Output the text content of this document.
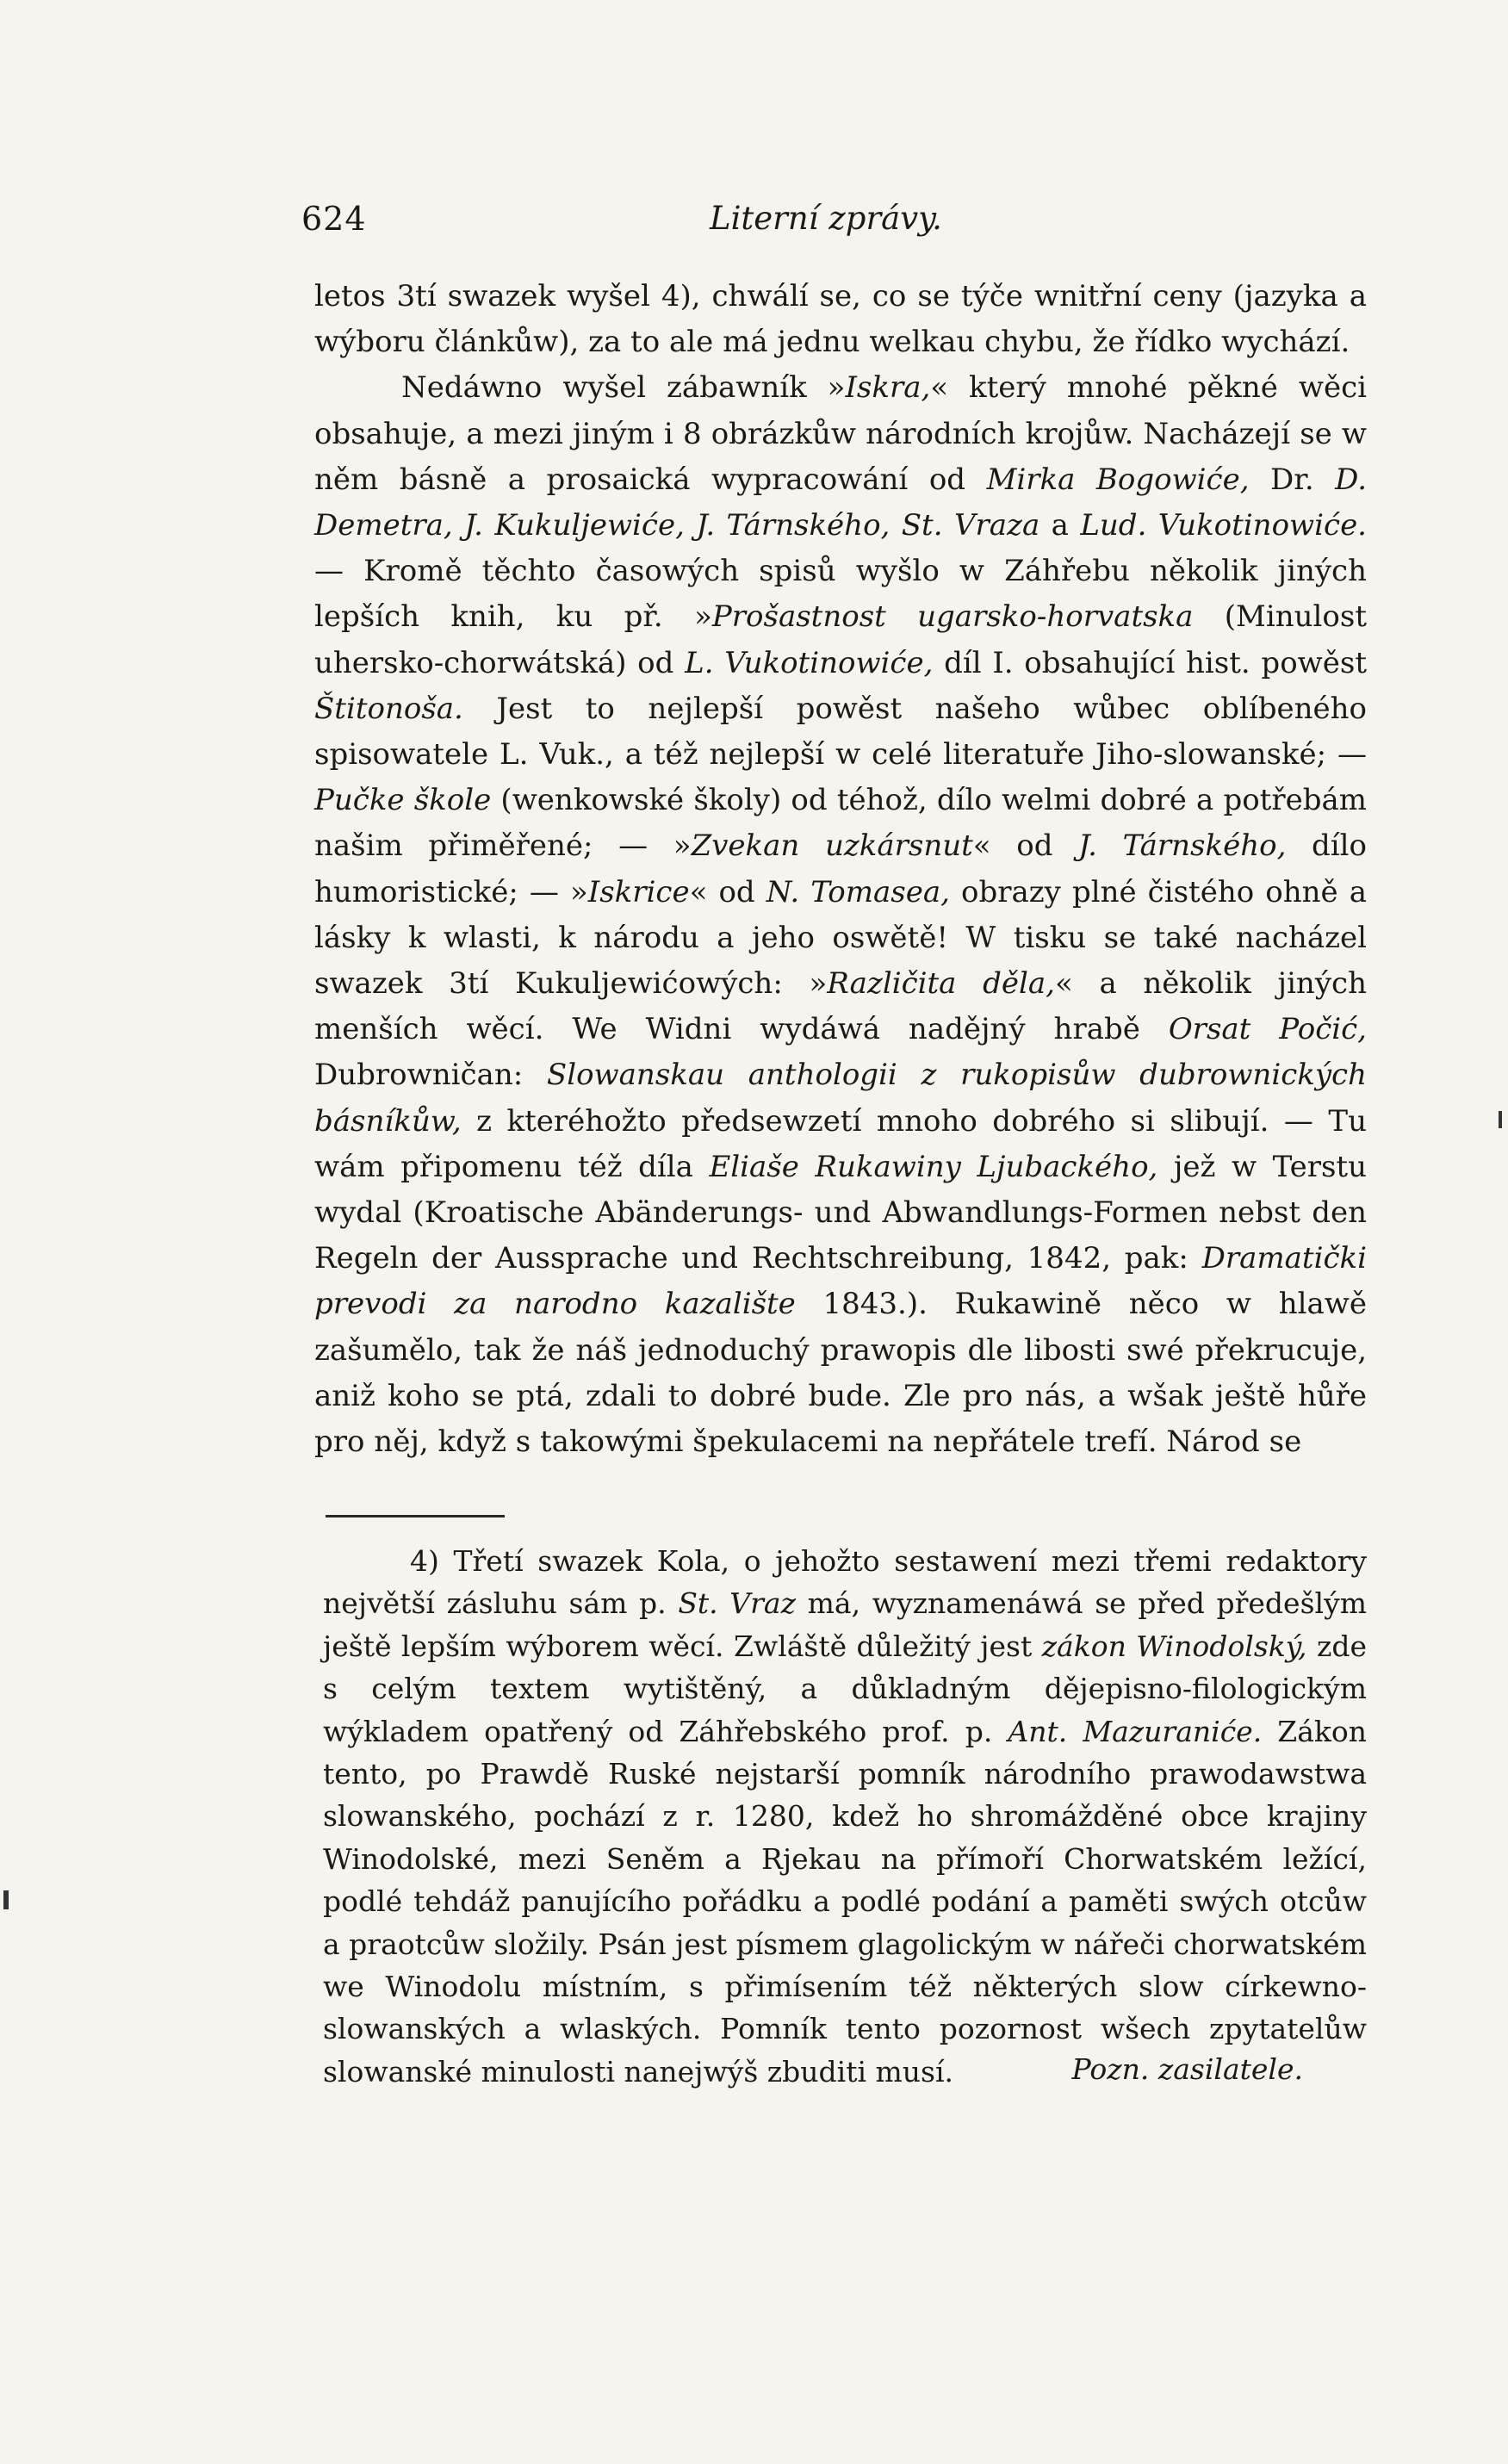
624	Literní zprávy.

letos 3tí swazek wyšel 4), chwálí se, co se týče wnitřní ceny (jazyka a wýboru článkůw), za to ale má jednu welkau chybu, že řídko wychází.

Nedáwno wyšel zábawník »Iskra,« který mnohé pěkné wěci obsahuje, a mezi jiným i 8 obrázkůw národních krojůw. Nacházejí se w něm básně a prosaická wypracowání od Mirka Bogowiće, Dr. D. Demetra, J. Kukuljewiće, J. Tárnského, St. Vraza a Lud. Vukotinowiće. — Kromě těchto časowých spisů wyšlo w Záhřebu několik jiných lepších knih, ku př. »Prošastnost ugarsko-horvatska (Minulost uhersko-chorwátská) od L. Vukotinowiće, díl I. obsahující hist. powěst Štitonoša. Jest to nejlepší powěst našeho wůbec oblíbeného spisowatele L. Vuk., a též nejlepší w celé literatuře Jiho-slowanské; — Pučke škole (wenkowské školy) od téhož, dílo welmi dobré a potřebám našim přiměřené; — »Zvekan uzkársnut« od J. Tárnského, dílo humoristické; — »Iskrice« od N. Tomasea, obrazy plné čistého ohně a lásky k wlasti, k národu a jeho oswětě! W tisku se také nacházel swazek 3tí Kukuljewićowých: »Različita děla,« a několik jiných menších wěcí. We Widni wydáwá nadějný hrabě Orsat Počić, Dubrowničan: Slowanskau anthologii z rukopisůw dubrownických básníkůw, z kteréhožto předsewzetí mnoho dobrého si slibují. — Tu wám připomenu též díla Eliaše Rukawiny Ljubackého, jež w Terstu wydal (Kroatische Abänderungs- und Abwandlungs-Formen nebst den Regeln der Aussprache und Rechtschreibung, 1842, pak: Dramatički prevodi za narodno kazalište 1843.). Rukawině něco w hlawě zašumělo, tak že náš jednoduchý prawopis dle libosti swé překrucuje, aniž koho se ptá, zdali to dobré bude. Zle pro nás, a wšak ještě hůře pro něj, když s takowými špekulacemi na nepřátele trefí. Národ se

4) Třetí swazek Kola, o jehožto sestawení mezi třemi redaktory největší zásluhu sám p. St. Vraz má, wyznamenáwá se před předešlým ještě lepším wýborem wěcí. Zwláště důležitý jest zákon Winodolský, zde s celým textem wytištěný, a důkladným dějepisno-filologickým wýkladem opatřený od Záhřebského prof. p. Ant. Mazuraniće. Zákon tento, po Prawdě Ruské nejstarší pomník národního prawodawstwa slowanského, pochází z r. 1280, kdež ho shromážděné obce krajiny Winodolské, mezi Seněm a Rjekau na přímoří Chorwatském ležící, podlé tehdáž panujícího pořádku a podlé podání a paměti swých otcůw a praotcůw složily. Psán jest písmem glagolickým w nářeči chorwatském we Winodolu místním, s přimísením též některých slow církewno-slowanských a wlaských. Pomník tento pozornost wšech zpytatelůw slowanské minulosti nanejwýš zbuditi musí.	Pozn. zasilatele.
